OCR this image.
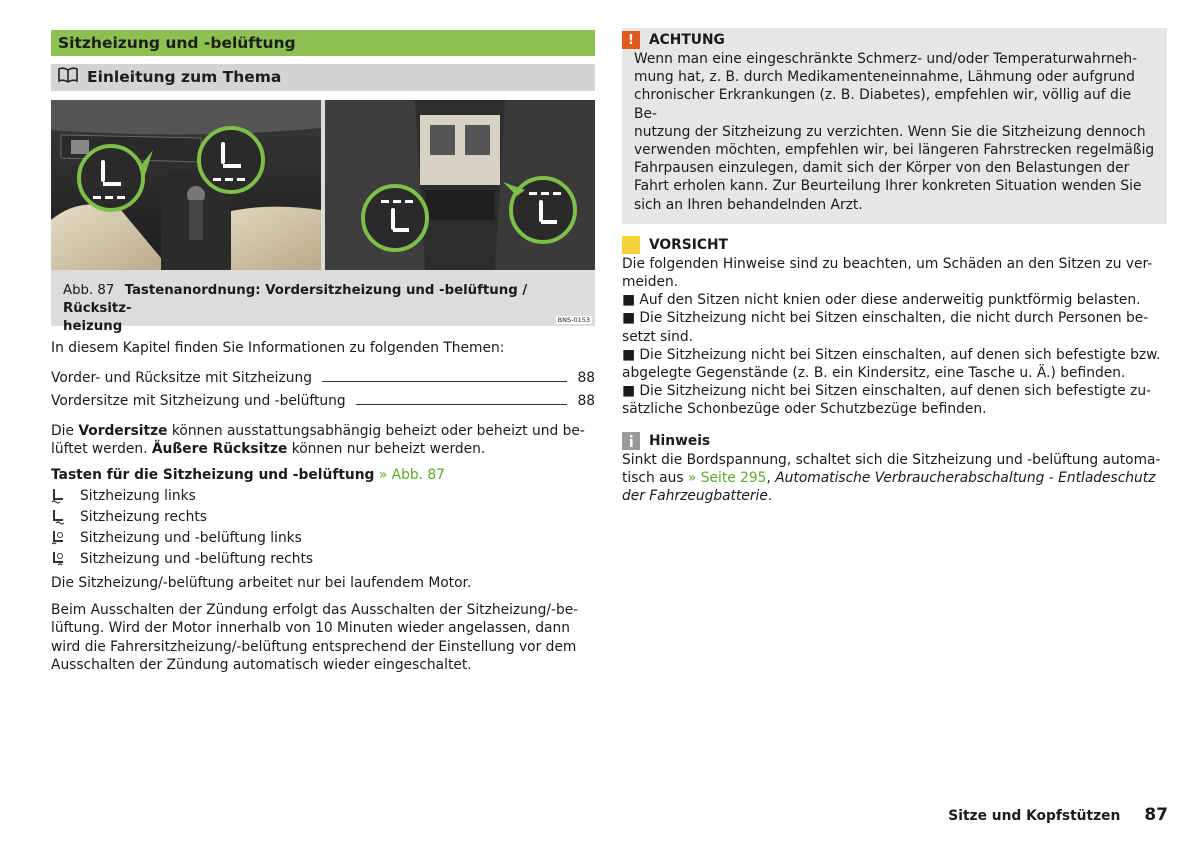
Sitzheizung und -belüftung
Einleitung zum Thema
BNS-0153
Abb. 87 Tastenanordnung: Vordersitzheizung und -belüftung / Rücksitz-
heizung

In diesem Kapitel finden Sie Informationen zu folgenden Themen:

Vorder- und Rücksitze mit Sitzheizung	88
Vordersitze mit Sitzheizung und -belüftung	88

Die Vordersitze können ausstattungsabhängig beheizt oder beheizt und be-
lüftet werden. Äußere Rücksitze können nur beheizt werden.

Tasten für die Sitzheizung und -belüftung » Abb. 87

Sitzheizung links
Sitzheizung rechts
Sitzheizung und -belüftung links
Sitzheizung und -belüftung rechts

Die Sitzheizung/-belüftung arbeitet nur bei laufendem Motor.

Beim Ausschalten der Zündung erfolgt das Ausschalten der Sitzheizung/-be-
lüftung. Wird der Motor innerhalb von 10 Minuten wieder angelassen, dann
wird die Fahrersitzheizung/-belüftung entsprechend der Einstellung vor dem
Ausschalten der Zündung automatisch wieder eingeschaltet.

!	ACHTUNG
Wenn man eine eingeschränkte Schmerz- und/oder Temperaturwahrneh-
mung hat, z. B. durch Medikamenteneinnahme, Lähmung oder aufgrund
chronischer Erkrankungen (z. B. Diabetes), empfehlen wir, völlig auf die Be-
nutzung der Sitzheizung zu verzichten. Wenn Sie die Sitzheizung dennoch
verwenden möchten, empfehlen wir, bei längeren Fahrstrecken regelmäßig
Fahrpausen einzulegen, damit sich der Körper von den Belastungen der
Fahrt erholen kann. Zur Beurteilung Ihrer konkreten Situation wenden Sie
sich an Ihren behandelnden Arzt.
VORSICHT

Die folgenden Hinweise sind zu beachten, um Schäden an den Sitzen zu ver-
meiden.
■ Auf den Sitzen nicht knien oder diese anderweitig punktförmig belasten.
■ Die Sitzheizung nicht bei Sitzen einschalten, die nicht durch Personen be-
setzt sind.
■ Die Sitzheizung nicht bei Sitzen einschalten, auf denen sich befestigte bzw.
abgelegte Gegenstände (z. B. ein Kindersitz, eine Tasche u. Ä.) befinden.
■ Die Sitzheizung nicht bei Sitzen einschalten, auf denen sich befestigte zu-
sätzliche Schonbezüge oder Schutzbezüge befinden.

Hinweis

Sinkt die Bordspannung, schaltet sich die Sitzheizung und -belüftung automa-
tisch aus » Seite 295, Automatische Verbraucherabschaltung - Entladeschutz
der Fahrzeugbatterie.

Sitze und Kopfstützen 87
